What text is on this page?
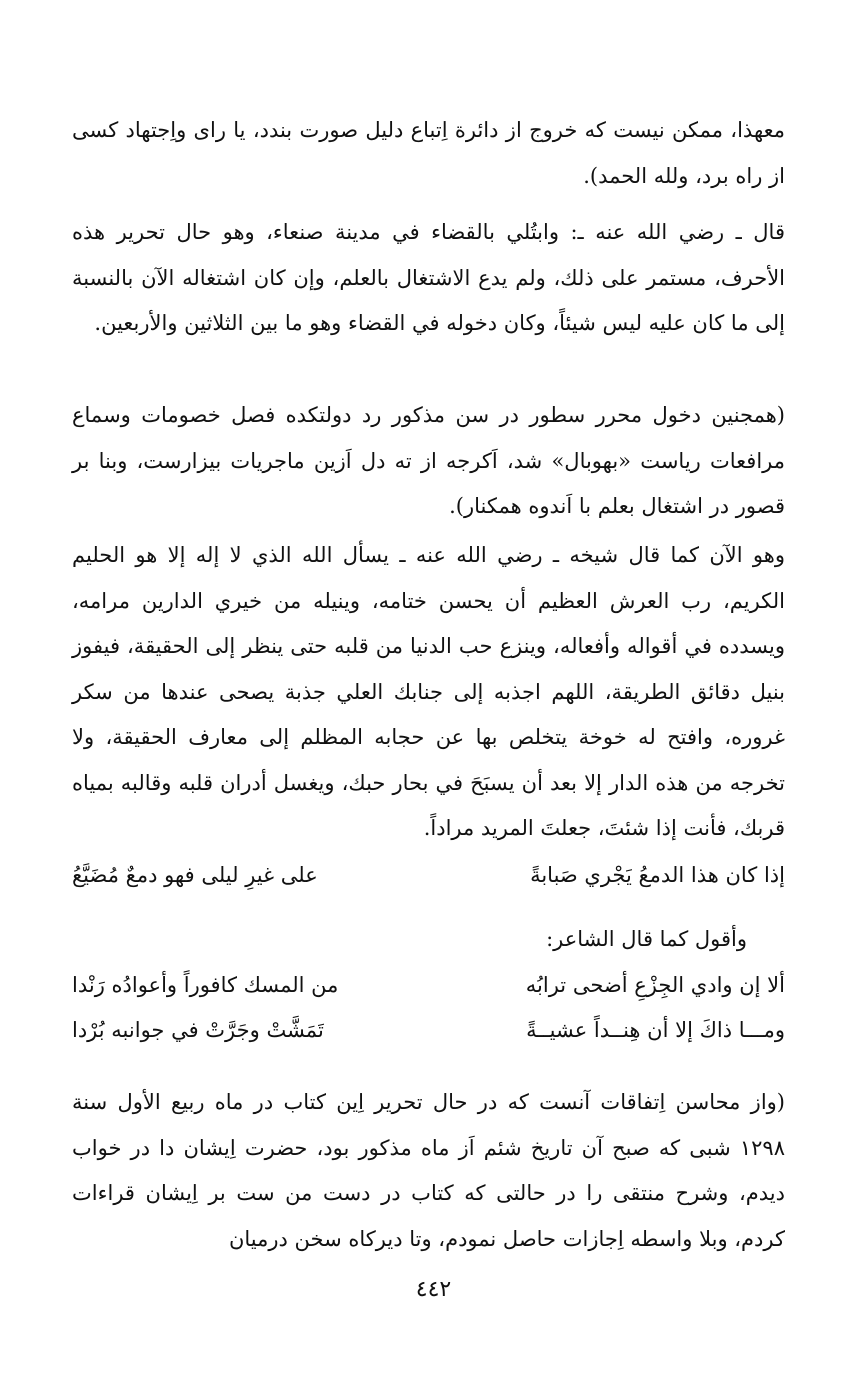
معهذا، ممكن نيست كه خروج از دائرة اِتباع دليل صورت بندد، يا راى واِجتهاد كسى از راه برد، ولله الحمد).

قال ـ رضي الله عنه ـ: وابتُلي بالقضاء في مدينة صنعاء، وهو حال تحرير هذه الأحرف، مستمر على ذلك، ولم يدع الاشتغال بالعلم، وإن كان اشتغاله الآن بالنسبة إلى ما كان عليه ليس شيئاً، وكان دخوله في القضاء وهو ما بين الثلاثين والأربعين.

(همجنين دخول محرر سطور در سن مذكور رد دولتكده فصل خصومات وسماع مرافعات رياست «بهوبال» شد، اَكرجه از ته دل اَزين ماجريات بيزارست، وبنا بر قصور در اشتغال بعلم با اَندوه همكنار).

وهو الآن كما قال شيخه ـ رضي الله عنه ـ يسأل الله الذي لا إله إلا هو الحليم الكريم، رب العرش العظيم أن يحسن ختامه، وينيله من خيري الدارين مرامه، ويسدده في أقواله وأفعاله، وينزع حب الدنيا من قلبه حتى ينظر إلى الحقيقة، فيفوز بنيل دقائق الطريقة، اللهم اجذبه إلى جنابك العلي جذبة يصحى عندها من سكر غروره، وافتح له خوخة يتخلص بها عن حجابه المظلم إلى معارف الحقيقة، ولا تخرجه من هذه الدار إلا بعد أن يسبَحَ في بحار حبك، ويغسل أدران قلبه وقالبه بمياه قربك، فأنت إذا شئتَ، جعلتَ المريد مراداً.

إذا كان هذا الدمعُ يَجْري صَبابةً
على غيرِ ليلى فهو دمعٌ مُضَيَّعُ

وأقول كما قال الشاعر:

ألا إن وادي الجِزْعِ أضحى ترابُه
من المسك كافوراً وأعوادُه رَنْدا
ومـــا ذاكَ إلا أن هِنــداً عشيــةً
تَمَشَّتْ وجَرَّتْ في جوانبه بُرْدا

(واز محاسن اِتفاقات آنست كه در حال تحرير اِين كتاب در ماه ربيع الأول سنة ١٢٩٨ شبى كه صبح آن تاريخ شئم اَز ماه مذكور بود، حضرت اِيشان دا در خواب ديدم، وشرح منتقى را در حالتى كه كتاب در دست من ست بر اِيشان قراءات كردم، وبلا واسطه اِجازات حاصل نمودم، وتا ديركاه سخن درميان

٤٤٢
